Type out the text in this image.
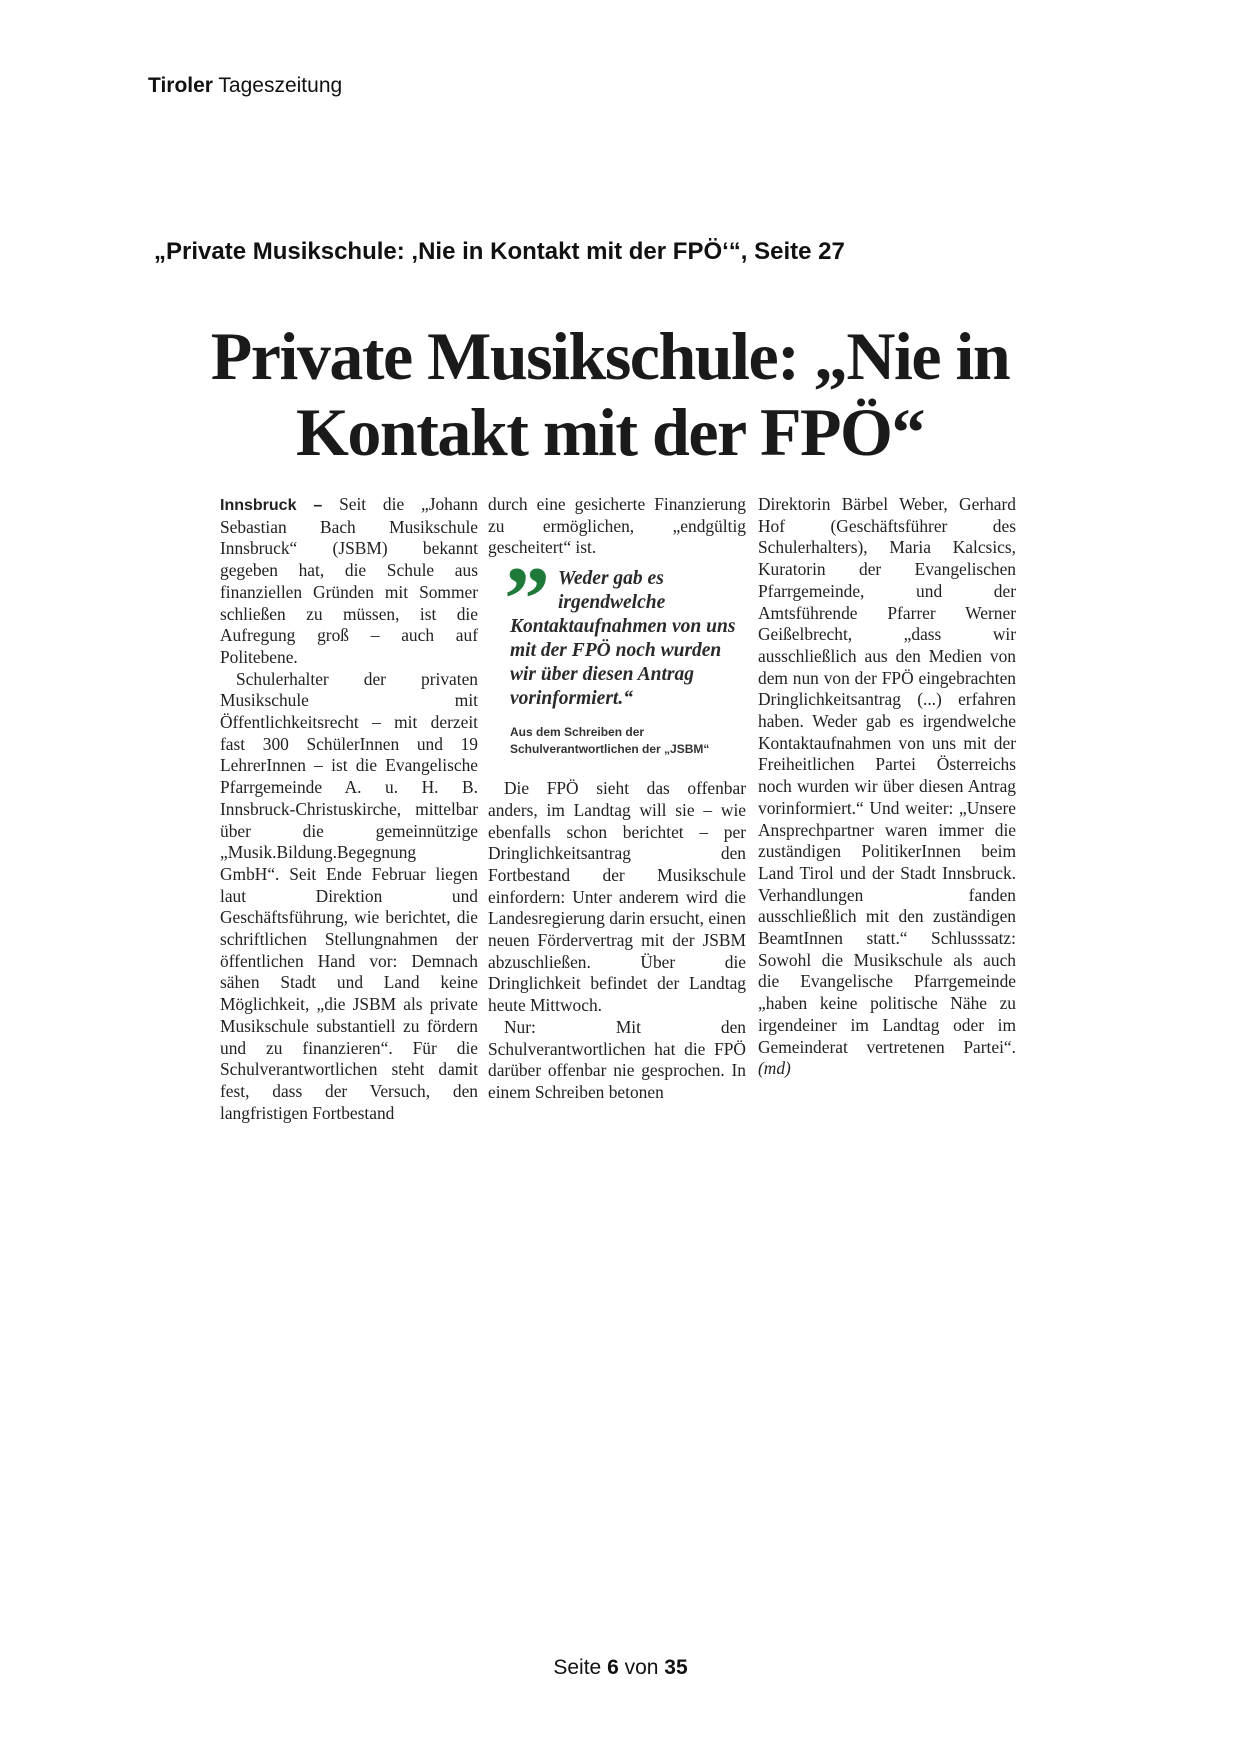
Tiroler Tageszeitung
„Private Musikschule: ‚Nie in Kontakt mit der FPÖ‘“, Seite 27
Private Musikschule: „Nie in
Kontakt mit der FPÖ“

Innsbruck – Seit die „Johann Sebastian Bach Musikschule Innsbruck“ (JSBM) bekannt gegeben hat, die Schule aus finanziellen Gründen mit Sommer schließen zu müssen, ist die Aufregung groß – auch auf Politebene.

Schulerhalter der privaten Musikschule mit Öffentlichkeitsrecht – mit derzeit fast 300 SchülerInnen und 19 LehrerInnen – ist die Evangelische Pfarrgemeinde A. u. H. B. Innsbruck-Christuskirche, mittelbar über die gemeinnützige „Musik.Bildung.Begegnung GmbH“. Seit Ende Februar liegen laut Direktion und Geschäftsführung, wie berichtet, die schriftlichen Stellungnahmen der öffentlichen Hand vor: Demnach sähen Stadt und Land keine Möglichkeit, „die JSBM als private Musikschule substantiell zu fördern und zu finanzieren“. Für die Schulverantwortlichen steht damit fest, dass der Versuch, den langfristigen Fortbestand

durch eine gesicherte Finanzierung zu ermöglichen, „endgültig gescheitert“ ist.

” Weder gab es
irgendwelche
Kontaktaufnahmen von uns mit der FPÖ noch wurden wir über diesen Antrag vorinformiert.“
Aus dem Schreiben der Schulverantwortlichen der „JSBM“

Die FPÖ sieht das offenbar anders, im Landtag will sie – wie ebenfalls schon berichtet – per Dringlichkeitsantrag den Fortbestand der Musikschule einfordern: Unter anderem wird die Landesregierung darin ersucht, einen neuen Fördervertrag mit der JSBM abzuschließen. Über die Dringlichkeit befindet der Landtag heute Mittwoch.

Nur: Mit den Schulverantwortlichen hat die FPÖ darüber offenbar nie gesprochen. In einem Schreiben betonen

Direktorin Bärbel Weber, Gerhard Hof (Geschäftsführer des Schulerhalters), Maria Kalcsics, Kuratorin der Evangelischen Pfarrgemeinde, und der Amtsführende Pfarrer Werner Geißelbrecht, „dass wir ausschließlich aus den Medien von dem nun von der FPÖ eingebrachten Dringlichkeitsantrag (...) erfahren haben. Weder gab es irgendwelche Kontaktaufnahmen von uns mit der Freiheitlichen Partei Österreichs noch wurden wir über diesen Antrag vorinformiert.“ Und weiter: „Unsere Ansprechpartner waren immer die zuständigen PolitikerInnen beim Land Tirol und der Stadt Innsbruck. Verhandlungen fanden ausschließlich mit den zuständigen BeamtInnen statt.“ Schlusssatz: Sowohl die Musikschule als auch die Evangelische Pfarrgemeinde „haben keine politische Nähe zu irgendeiner im Landtag oder im Gemeinderat vertretenen Partei“. (md)

Seite 6 von 35
